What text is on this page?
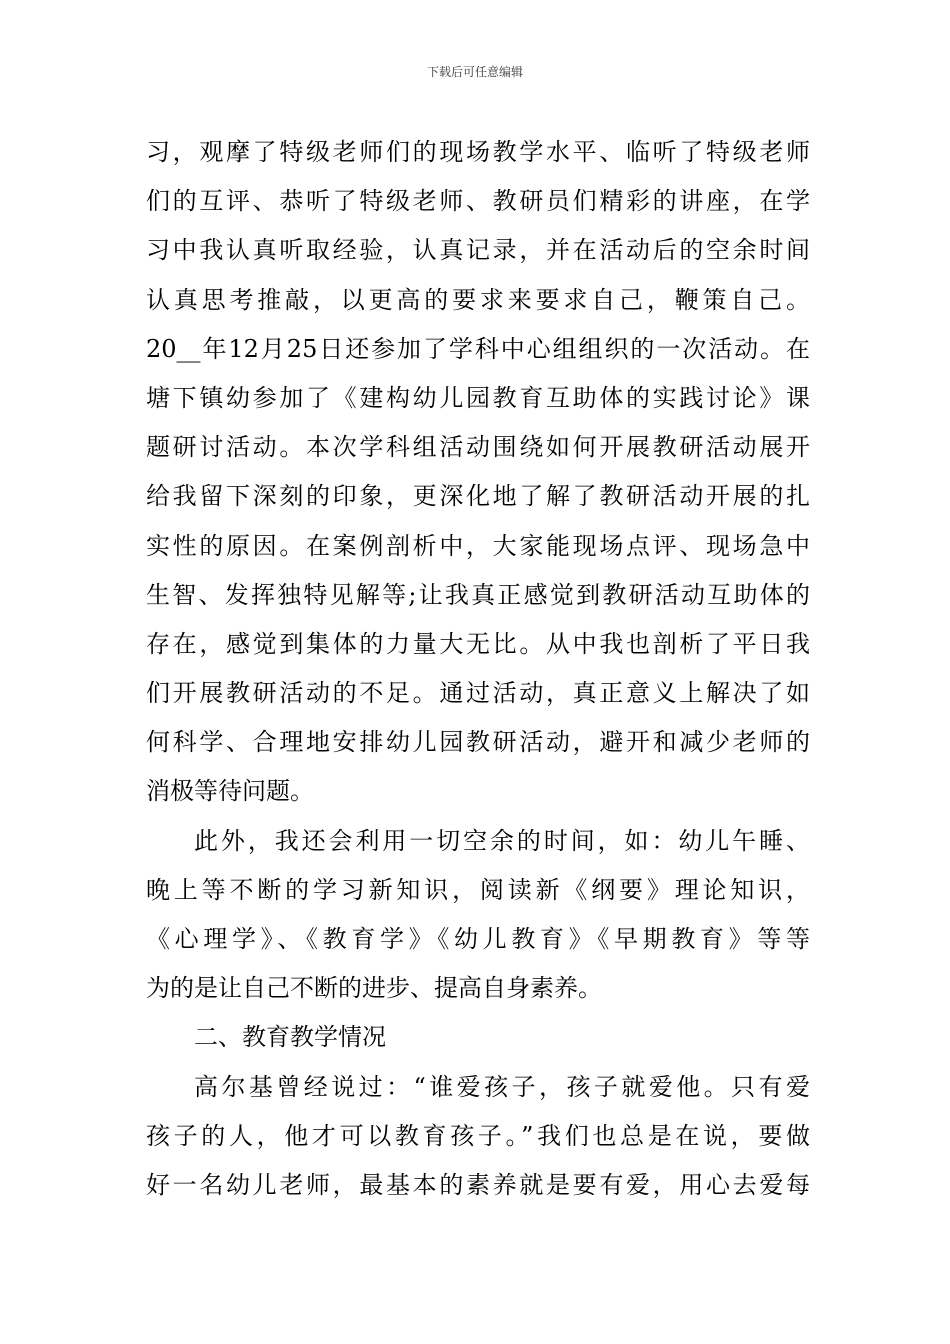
下载后可任意编辑
习，观摩了特级老师们的现场教学水平、临听了特级老师
们的互评、恭听了特级老师、教研员们精彩的讲座，在学
习中我认真听取经验，认真记录，并在活动后的空余时间
认真思考推敲，以更高的要求来要求自己，鞭策自己。
20__年12月25日还参加了学科中心组组织的一次活动。在
塘下镇幼参加了《建构幼儿园教育互助体的实践讨论》课
题研讨活动。本次学科组活动围绕如何开展教研活动展开
给我留下深刻的印象，更深化地了解了教研活动开展的扎
实性的原因。在案例剖析中，大家能现场点评、现场急中
生智、发挥独特见解等;让我真正感觉到教研活动互助体的
存在，感觉到集体的力量大无比。从中我也剖析了平日我
们开展教研活动的不足。通过活动，真正意义上解决了如
何科学、合理地安排幼儿园教研活动，避开和减少老师的
消极等待问题。
此外，我还会利用一切空余的时间，如：幼儿午睡、
晚上等不断的学习新知识，阅读新《纲要》理论知识，
《心理学》、《教育学》《幼儿教育》《早期教育》等等
为的是让自己不断的进步、提高自身素养。
二、教育教学情况
高尔基曾经说过：“谁爱孩子，孩子就爱他。只有爱
孩子的人，他才可以教育孩子。”我们也总是在说，要做
好一名幼儿老师，最基本的素养就是要有爱，用心去爱每
